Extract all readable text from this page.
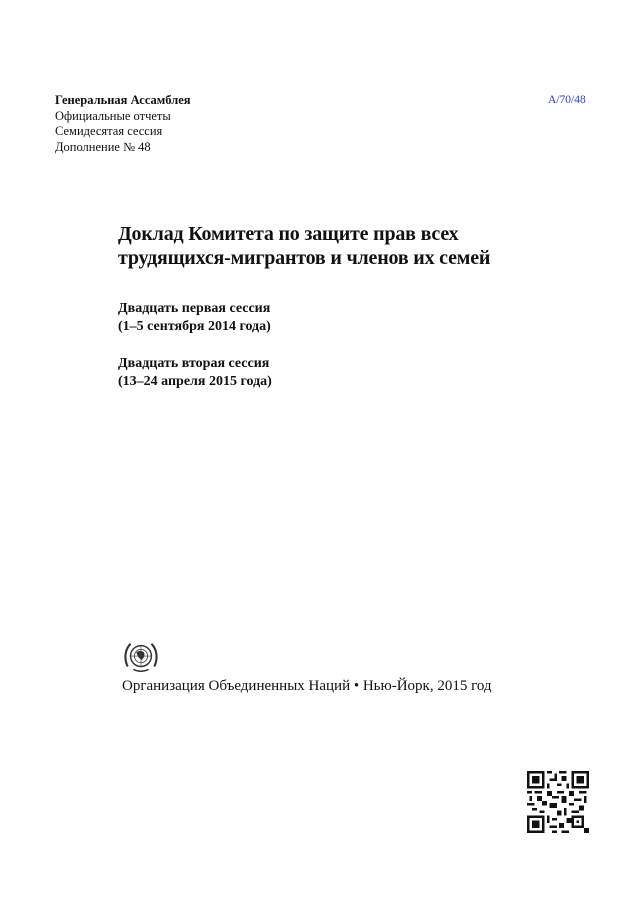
Генеральная Ассамблея
Официальные отчеты
Семидесятая сессия
Дополнение № 48
A/70/48
Доклад Комитета по защите прав всех
трудящихся-мигрантов и членов их семей
Двадцать первая сессия
(1–5 сентября 2014 года)
Двадцать вторая сессия
(13–24 апреля 2015 года)
Организация Объединенных Наций • Нью-Йорк, 2015 год
